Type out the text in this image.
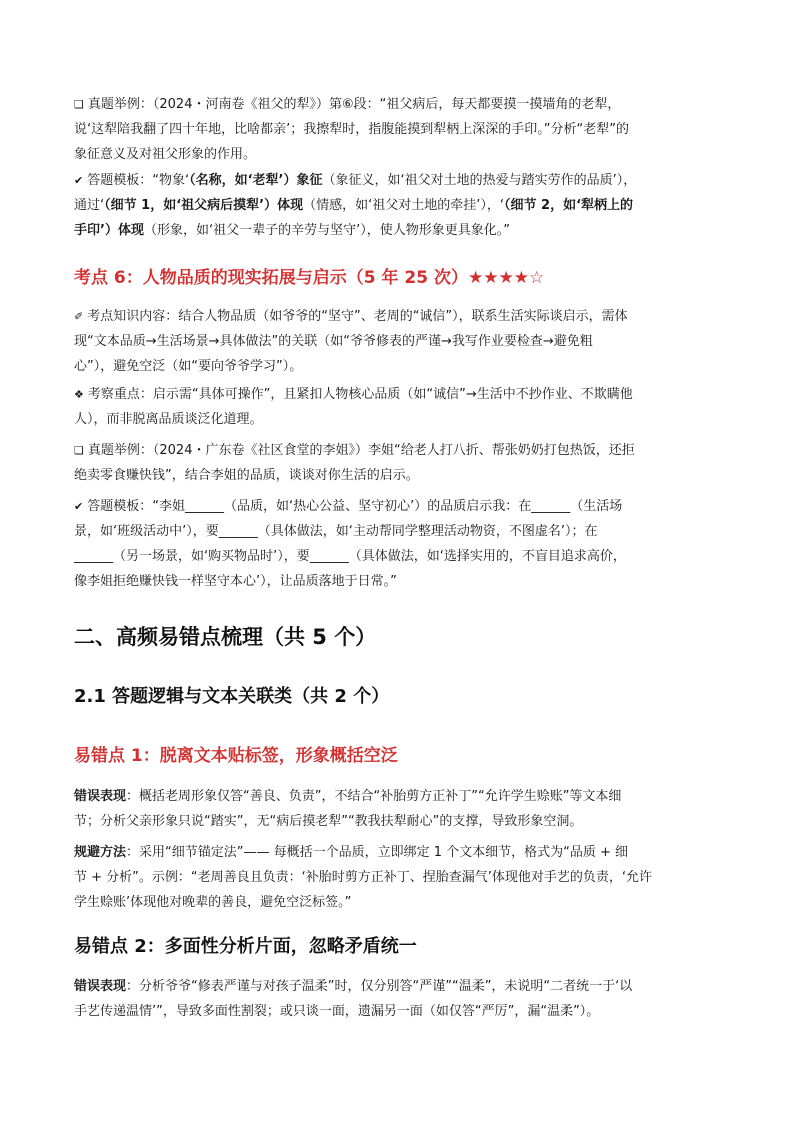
❑ 真题举例：（2024・河南卷《祖父的犁》）第⑥段：“祖父病后，每天都要摸一摸墙角的老犁，
说‘这犁陪我翻了四十年地，比啥都亲’；我擦犁时，指腹能摸到犁柄上深深的手印。”分析“老犁”的
象征意义及对祖父形象的作用。

✔ 答题模板：“物象‘（名称，如‘老犁’）象征（象征义，如‘祖父对土地的热爱与踏实劳作的品质’），
通过‘（细节 1，如‘祖父病后摸犁’）体现（情感，如‘祖父对土地的牵挂’），‘（细节 2，如‘犁柄上的
手印’）体现（形象，如‘祖父一辈子的辛劳与坚守’），使人物形象更具象化。”

考点 6：人物品质的现实拓展与启示（5 年 25 次）★★★★☆

✐ 考点知识内容：结合人物品质（如爷爷的“坚守”、老周的“诚信”），联系生活实际谈启示，需体
现“文本品质→生活场景→具体做法”的关联（如“爷爷修表的严谨→我写作业要检查→避免粗
心”），避免空泛（如“要向爷爷学习”）。

❖ 考察重点：启示需“具体可操作”，且紧扣人物核心品质（如“诚信”→生活中不抄作业、不欺瞒他
人），而非脱离品质谈泛化道理。

❑ 真题举例：（2024・广东卷《社区食堂的李姐》）李姐“给老人打八折、帮张奶奶打包热饭，还拒
绝卖零食赚快钱”，结合李姐的品质，谈谈对你生活的启示。

✔ 答题模板：“李姐______（品质，如‘热心公益、坚守初心’）的品质启示我：在______（生活场
景，如‘班级活动中’），要______（具体做法，如‘主动帮同学整理活动物资，不图虚名’）；在
______（另一场景，如‘购买物品时’），要______（具体做法，如‘选择实用的，不盲目追求高价，
像李姐拒绝赚快钱一样坚守本心’），让品质落地于日常。”

二、高频易错点梳理（共 5 个）
2.1 答题逻辑与文本关联类（共 2 个）
易错点 1：脱离文本贴标签，形象概括空泛

错误表现：概括老周形象仅答“善良、负责”，不结合“补胎剪方正补丁”“允许学生赊账”等文本细
节；分析父亲形象只说“踏实”，无“病后摸老犁”“教我扶犁耐心”的支撑，导致形象空洞。

规避方法：采用“细节锚定法”—— 每概括一个品质，立即绑定 1 个文本细节，格式为“品质 + 细
节 + 分析”。示例：“老周善良且负责：‘补胎时剪方正补丁、捏胎查漏气’体现他对手艺的负责，‘允许
学生赊账’体现他对晚辈的善良，避免空泛标签。”

易错点 2：多面性分析片面，忽略矛盾统一

错误表现：分析爷爷“修表严谨与对孩子温柔”时，仅分别答“严谨”“温柔”，未说明“二者统一于‘以
手艺传递温情’”，导致多面性割裂；或只谈一面，遗漏另一面（如仅答“严厉”，漏“温柔”）。
